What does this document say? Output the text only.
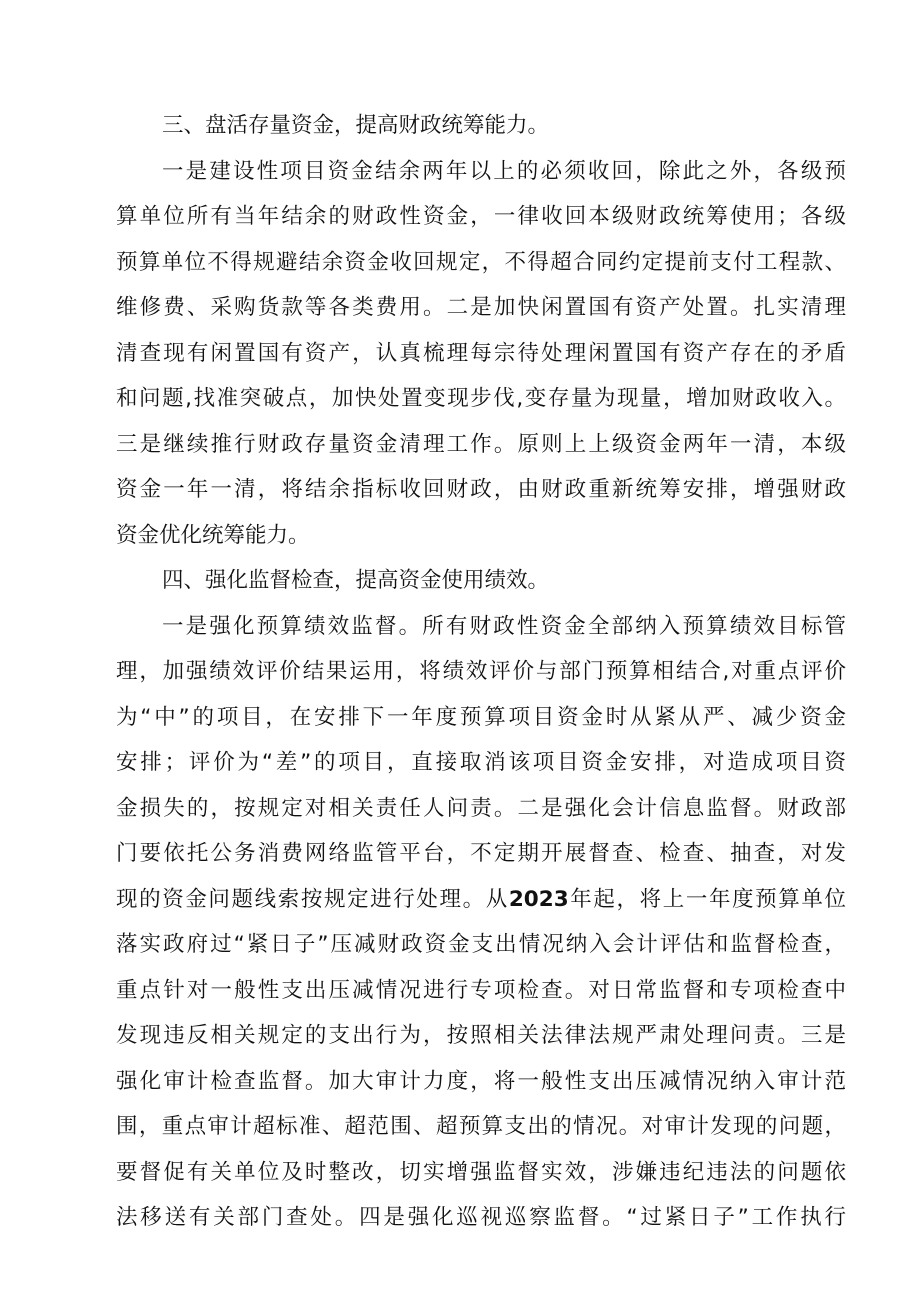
三、盘活存量资金，提高财政统筹能力。
一是建设性项目资金结余两年以上的必须收回，除此之外，各级预
算单位所有当年结余的财政性资金，一律收回本级财政统筹使用；各级
预算单位不得规避结余资金收回规定，不得超合同约定提前支付工程款、
维修费、采购货款等各类费用。二是加快闲置国有资产处置。扎实清理
清查现有闲置国有资产，认真梳理每宗待处理闲置国有资产存在的矛盾
和问题,找准突破点，加快处置变现步伐,变存量为现量，增加财政收入。
三是继续推行财政存量资金清理工作。原则上上级资金两年一清，本级
资金一年一清，将结余指标收回财政，由财政重新统筹安排，增强财政
资金优化统筹能力。
四、强化监督检查，提高资金使用绩效。
一是强化预算绩效监督。所有财政性资金全部纳入预算绩效目标管
理，加强绩效评价结果运用，将绩效评价与部门预算相结合,对重点评价
为“中”的项目，在安排下一年度预算项目资金时从紧从严、减少资金
安排；评价为“差”的项目，直接取消该项目资金安排，对造成项目资
金损失的，按规定对相关责任人问责。二是强化会计信息监督。财政部
门要依托公务消费网络监管平台，不定期开展督查、检查、抽查，对发
现的资金问题线索按规定进行处理。从2023年起，将上一年度预算单位
落实政府过“紧日子”压减财政资金支出情况纳入会计评估和监督检查，
重点针对一般性支出压减情况进行专项检查。对日常监督和专项检查中
发现违反相关规定的支出行为，按照相关法律法规严肃处理问责。三是
强化审计检查监督。加大审计力度，将一般性支出压减情况纳入审计范
围，重点审计超标准、超范围、超预算支出的情况。对审计发现的问题，
要督促有关单位及时整改，切实增强监督实效，涉嫌违纪违法的问题依
法移送有关部门查处。四是强化巡视巡察监督。“过紧日子”工作执行
